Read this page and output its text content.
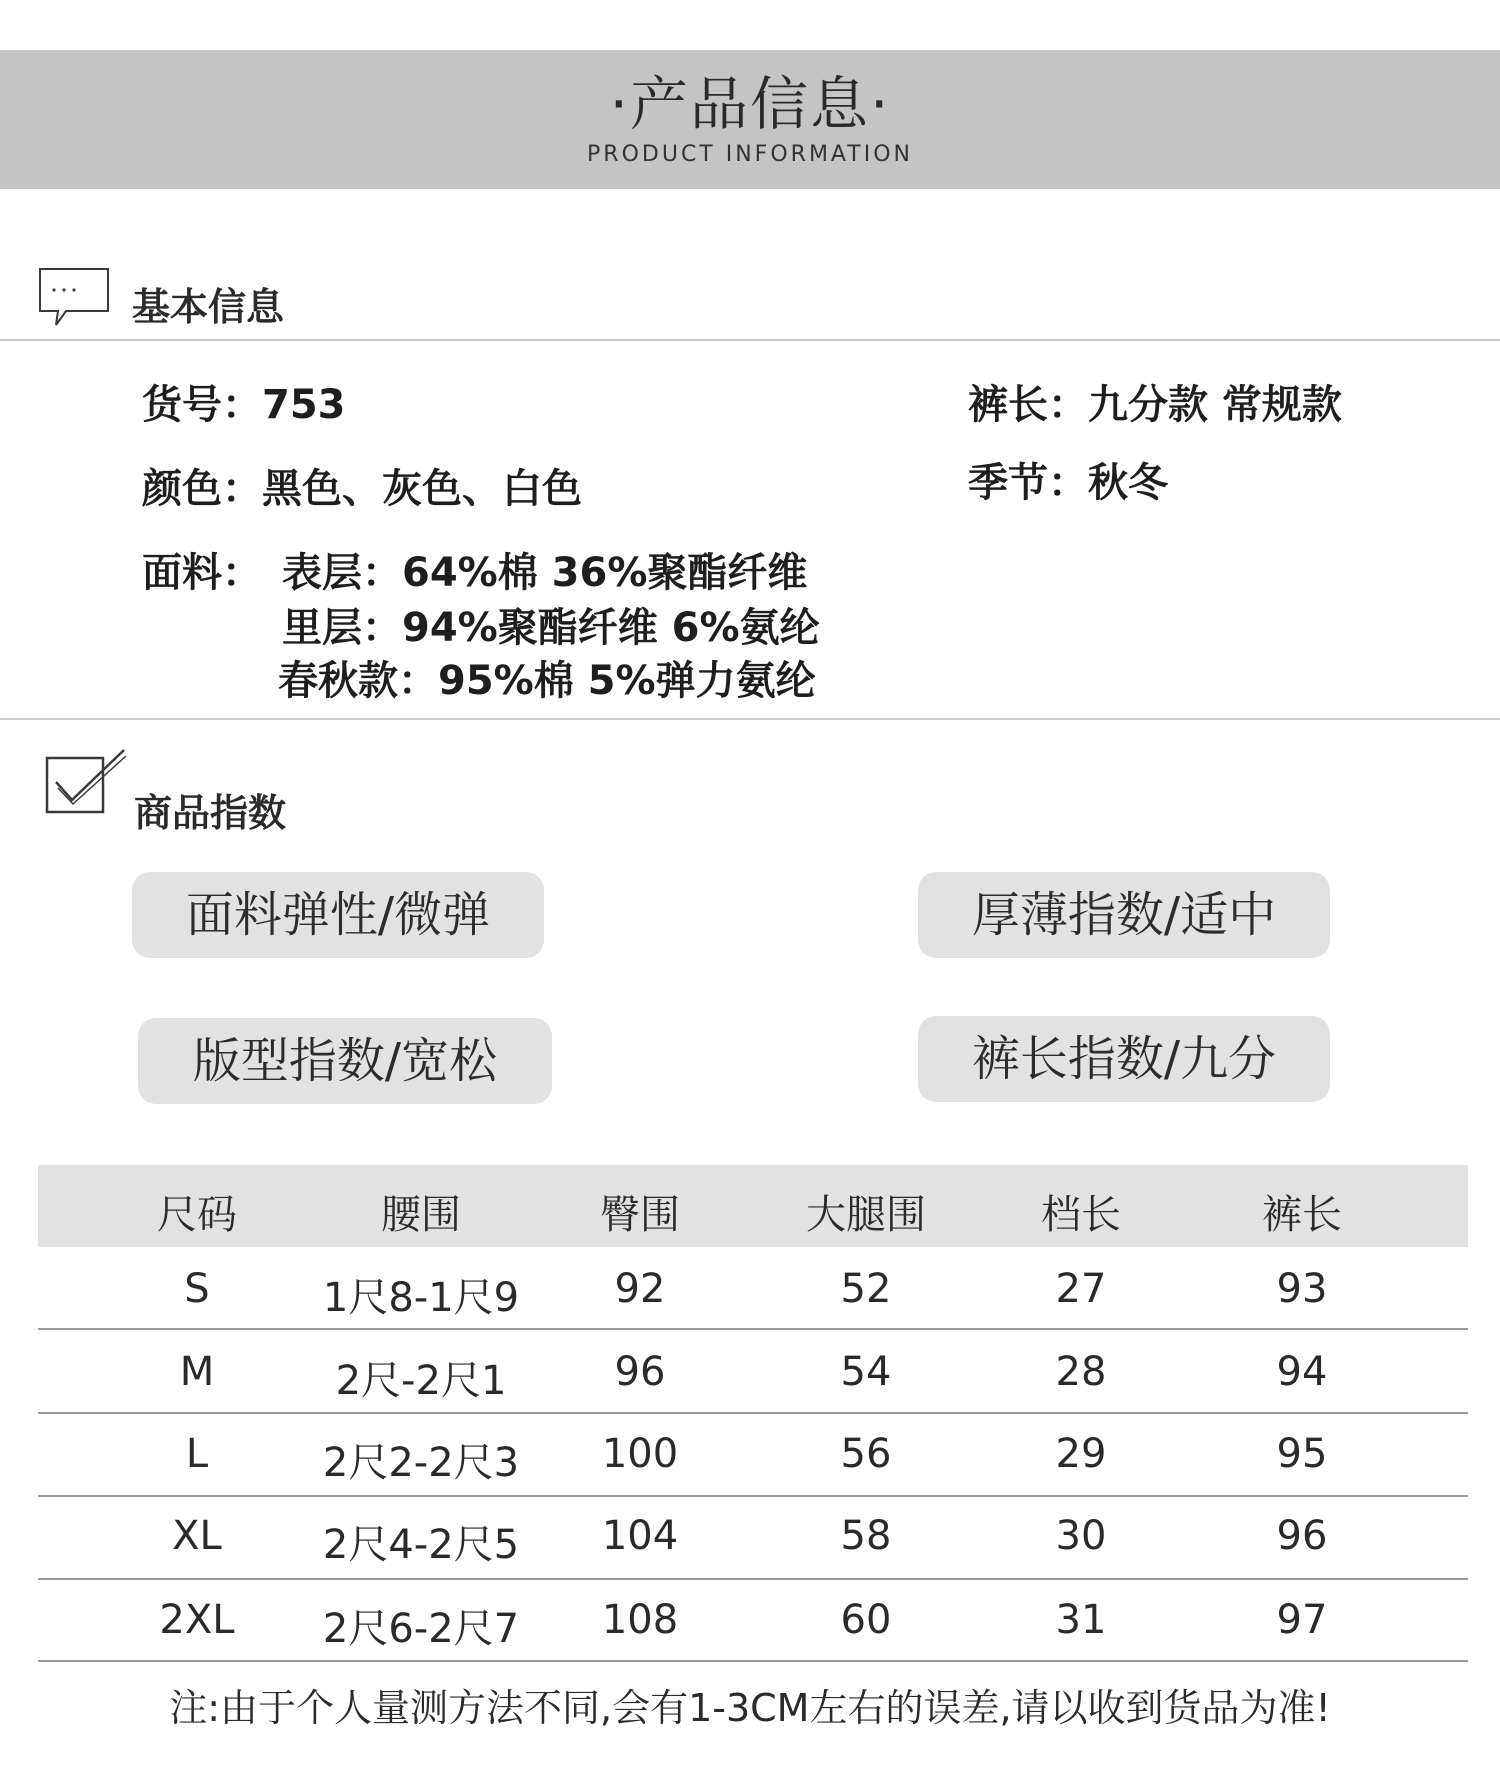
·产品信息·
PRODUCT INFORMATION
基本信息
货号：753
颜色：黑色、灰色、白色
面料： 表层：64%棉 36%聚酯纤维
里层：94%聚酯纤维 6%氨纶
春秋款：95%棉 5%弹力氨纶
裤长：九分款 常规款
季节：秋冬
商品指数
面料弹性/微弹	厚薄指数/适中
版型指数/宽松	裤长指数/九分
尺码	腰围	臀围	大腿围	档长	裤长
S	1尺8-1尺9	92	52	27	93
M	2尺-2尺1	96	54	28	94
L	2尺2-2尺3	100	56	29	95
XL	2尺4-2尺5	104	58	30	96
2XL	2尺6-2尺7	108	60	31	97
注:由于个人量测方法不同,会有1-3CM左右的误差,请以收到货品为准!
